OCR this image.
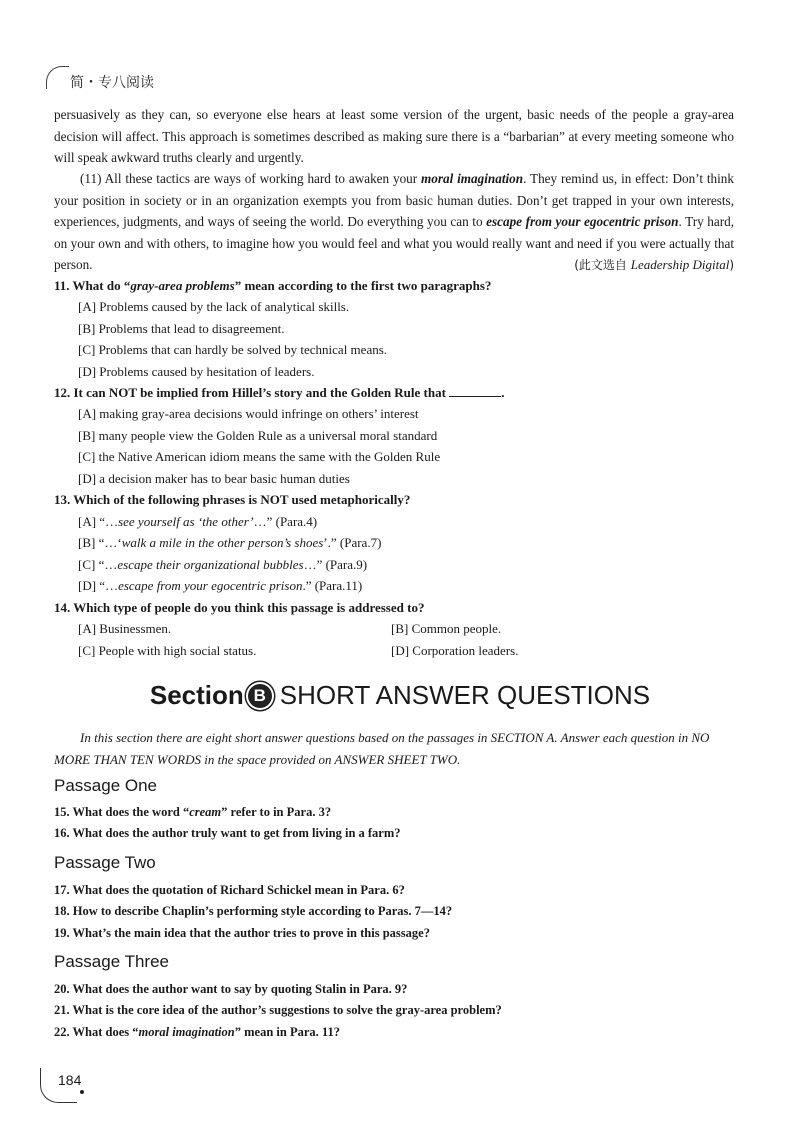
简・专八阅读

persuasively as they can, so everyone else hears at least some version of the urgent, basic needs of the people a gray-area decision will affect. This approach is sometimes described as making sure there is a “barbarian” at every meeting someone who will speak awkward truths clearly and urgently.

(11) All these tactics are ways of working hard to awaken your moral imagination. They remind us, in effect: Don’t think your position in society or in an organization exempts you from basic human duties. Don’t get trapped in your own interests, experiences, judgments, and ways of seeing the world. Do everything you can to escape from your egocentric prison. Try hard, on your own and with others, to imagine how you would feel and what you would really want and need if you were actually that person.	(此文选自 Leadership Digital)

11. What do “gray-area problems” mean according to the first two paragraphs?

[A] Problems caused by the lack of analytical skills.

[B] Problems that lead to disagreement.

[C] Problems that can hardly be solved by technical means.

[D] Problems caused by hesitation of leaders.

12. It can NOT be implied from Hillel’s story and the Golden Rule that	.

[A] making gray-area decisions would infringe on others’ interest

[B] many people view the Golden Rule as a universal moral standard

[C] the Native American idiom means the same with the Golden Rule

[D] a decision maker has to bear basic human duties

13. Which of the following phrases is NOT used metaphorically?

[A] “…see yourself as ‘the other’…” (Para.4)

[B] “…‘walk a mile in the other person’s shoes’.” (Para.7)

[C] “…escape their organizational bubbles…” (Para.9)

[D] “…escape from your egocentric prison.” (Para.11)

14. Which type of people do you think this passage is addressed to?

[A] Businessmen.	[B] Common people.

[C] People with high social status.	[D] Corporation leaders.

Section B SHORT ANSWER QUESTIONS

In this section there are eight short answer questions based on the passages in SECTION A. Answer each question in NO MORE THAN TEN WORDS in the space provided on ANSWER SHEET TWO.

Passage One

15. What does the word “cream” refer to in Para. 3?

16. What does the author truly want to get from living in a farm?

Passage Two

17. What does the quotation of Richard Schickel mean in Para. 6?

18. How to describe Chaplin’s performing style according to Paras. 7—14?

19. What’s the main idea that the author tries to prove in this passage?

Passage Three

20. What does the author want to say by quoting Stalin in Para. 9?

21. What is the core idea of the author’s suggestions to solve the gray-area problem?

22. What does “moral imagination” mean in Para. 11?

184
